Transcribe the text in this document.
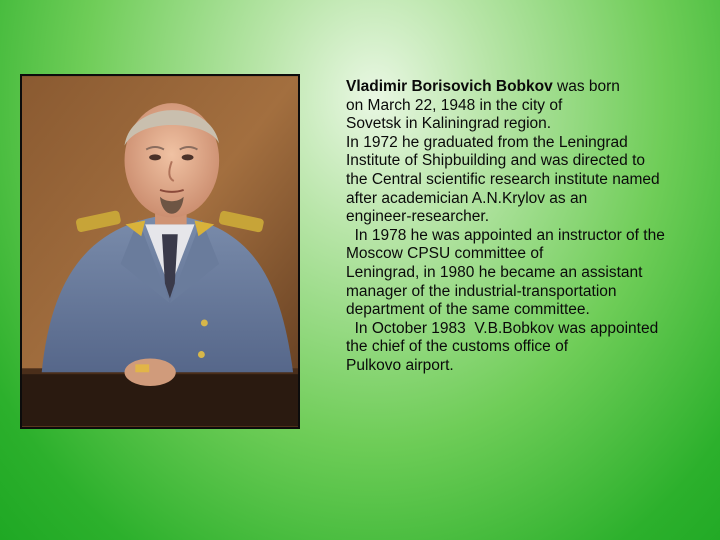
Vladimir Borisovich Bobkov was born
on March 22, 1948 in the city of
Sovetsk in Kaliningrad region.
In 1972 he graduated from the Leningrad
Institute of Shipbuilding and was directed to
the Central scientific research institute named
after academician A.N.Krylov as an
engineer-researcher.
In 1978 he was appointed an instructor of the
Moscow CPSU committee of
Leningrad, in 1980 he became an assistant
manager of the industrial-transportation
department of the same committee.
In October 1983  V.B.Bobkov was appointed
the chief of the customs office of
Pulkovo airport.
